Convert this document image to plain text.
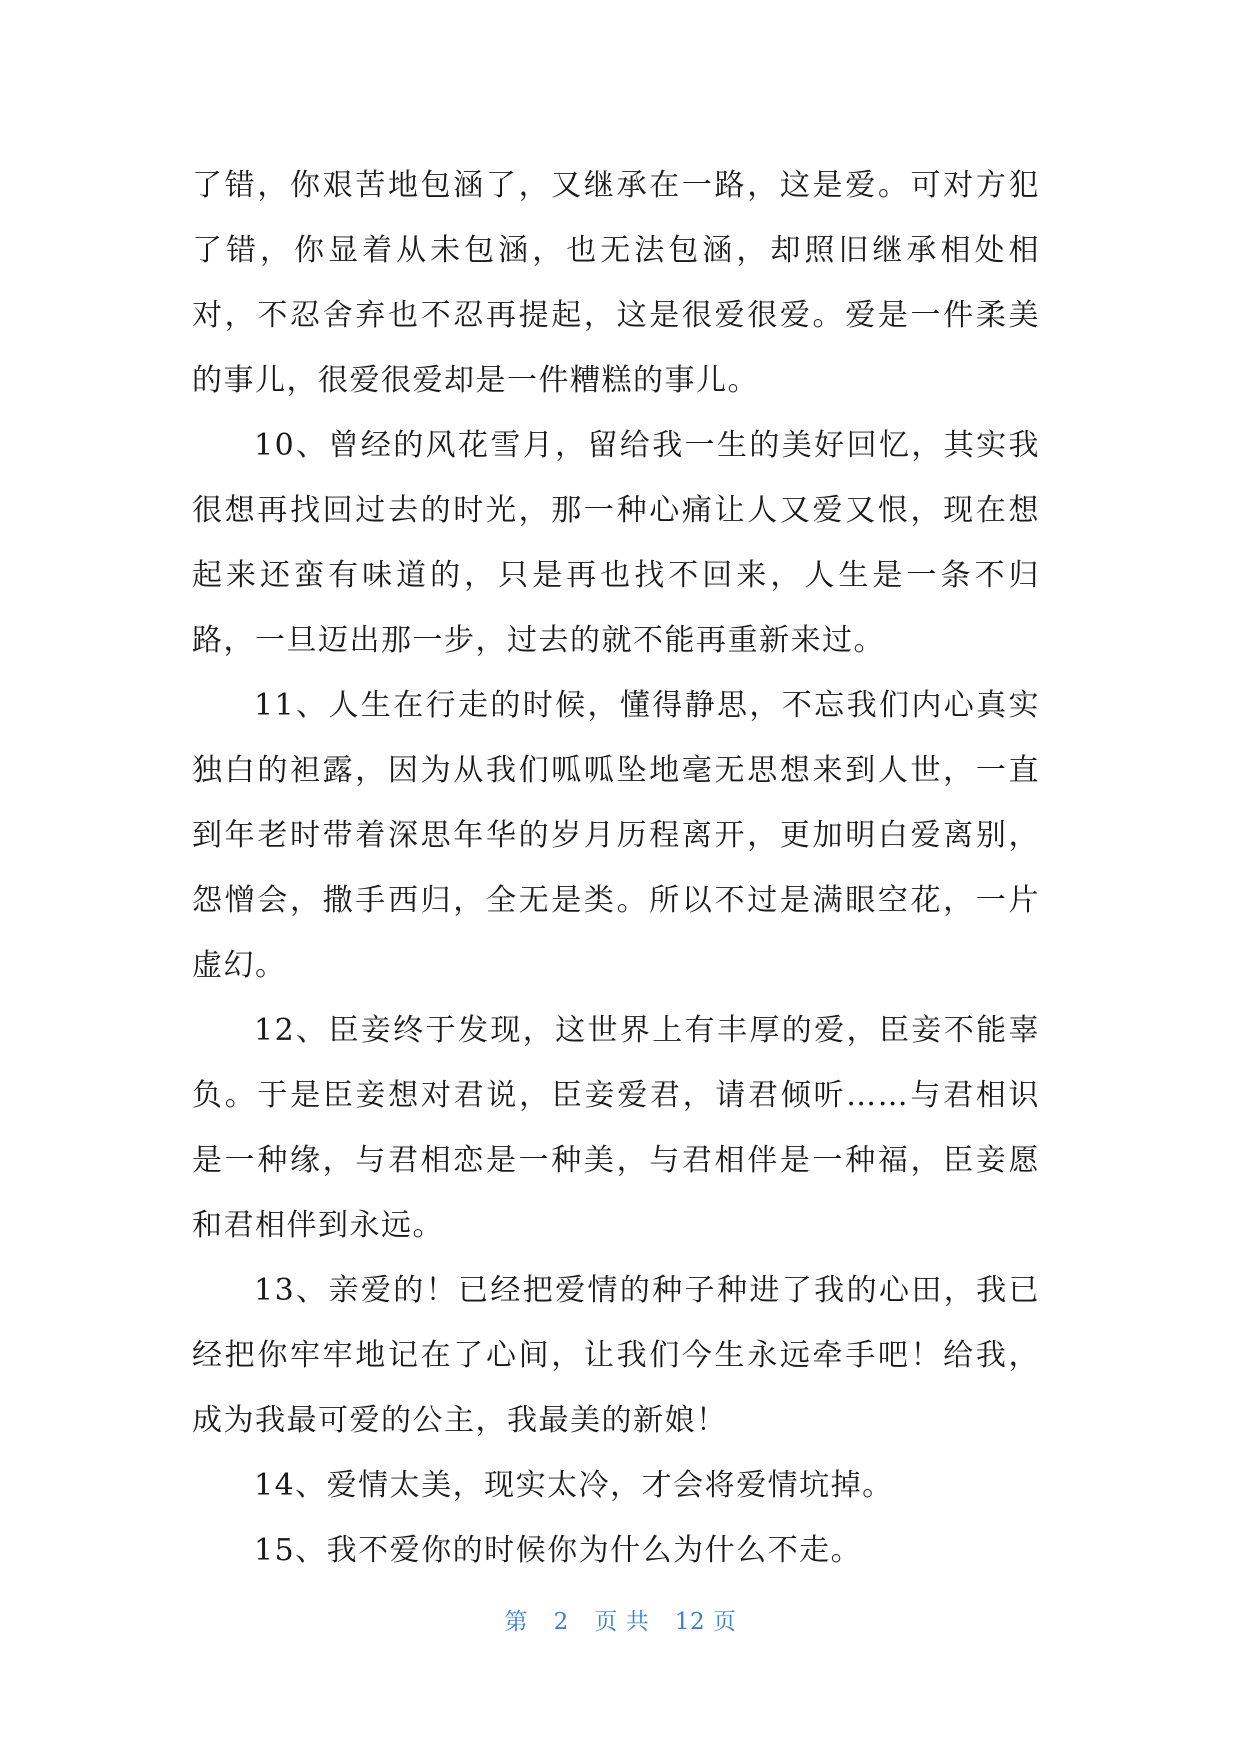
了错，你艰苦地包涵了，又继承在一路，这是爱。可对方犯了错，你显着从未包涵，也无法包涵，却照旧继承相处相对，不忍舍弃也不忍再提起，这是很爱很爱。爱是一件柔美的事儿，很爱很爱却是一件糟糕的事儿。

10、曾经的风花雪月，留给我一生的美好回忆，其实我很想再找回过去的时光，那一种心痛让人又爱又恨，现在想起来还蛮有味道的，只是再也找不回来，人生是一条不归路，一旦迈出那一步，过去的就不能再重新来过。

11、人生在行走的时候，懂得静思，不忘我们内心真实独白的袒露，因为从我们呱呱坠地毫无思想来到人世，一直到年老时带着深思年华的岁月历程离开，更加明白爱离别，怨憎会，撒手西归，全无是类。所以不过是满眼空花，一片虚幻。

12、臣妾终于发现，这世界上有丰厚的爱，臣妾不能辜负。于是臣妾想对君说，臣妾爱君，请君倾听……与君相识是一种缘，与君相恋是一种美，与君相伴是一种福，臣妾愿和君相伴到永远。

13、亲爱的！已经把爱情的种子种进了我的心田，我已经把你牢牢地记在了心间，让我们今生永远牵手吧！给我，成为我最可爱的公主，我最美的新娘！

14、爱情太美，现实太冷，才会将爱情坑掉。

15、我不爱你的时候你为什么为什么不走。

第 2 页 共 12 页
